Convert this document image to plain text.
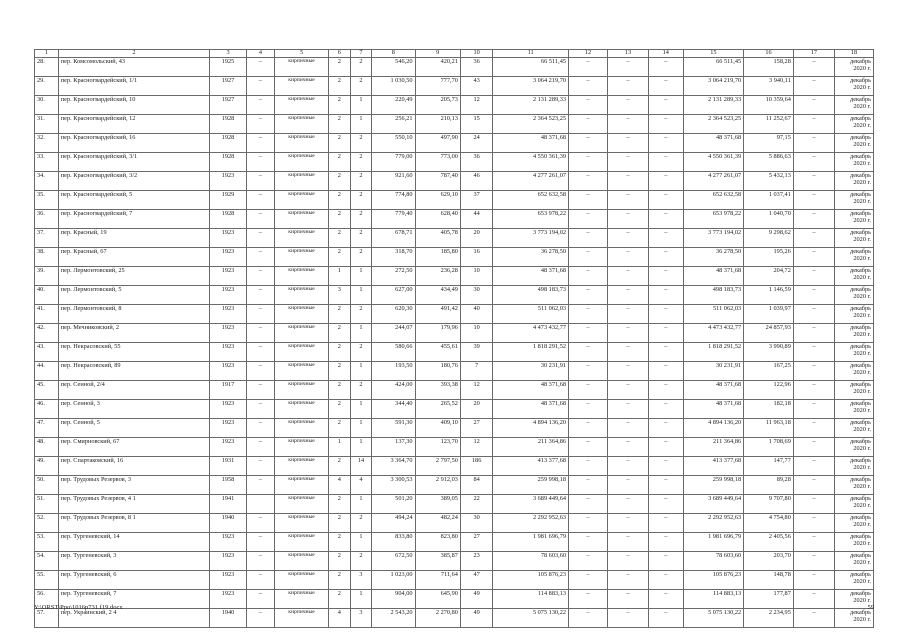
1	2	3	4	5	6	7	8	9	10	11	12	13	14	15	16	17	18
28.	пер. Комсомольский, 43	1925	–	кирпичные	2	2	546,20	420,21	36	66 511,45	–	–	–	66 511,45	158,28	–	декабрь 2020 г.
29.	пер. Красногвардейский, 1/1	1927	–	кирпичные	2	2	1 030,50	777,70	43	3 064 219,70	–	–	–	3 064 219,70	3 940,11	–	декабрь 2020 г.
30.	пер. Красногвардейский, 10	1927	–	кирпичные	2	1	220,49	205,73	12	2 131 289,33	–	–	–	2 131 289,33	10 359,64	–	декабрь 2020 г.
31.	пер. Красногвардейский, 12	1928	–	кирпичные	2	1	256,21	210,13	15	2 364 523,25	–	–	–	2 364 523,25	11 252,67	–	декабрь 2020 г.
32.	пер. Красногвардейский, 16	1928	–	кирпичные	2	2	550,10	497,90	24	48 371,68	–	–	–	48 371,68	97,15	–	декабрь 2020 г.
33.	пер. Красногвардейский, 3/1	1928	–	кирпичные	2	2	779,00	773,00	36	4 550 361,39	–	–	–	4 550 361,39	5 886,63	–	декабрь 2020 г.
34.	пер. Красногвардейский, 3/2	1923	–	кирпичные	2	2	921,60	787,40	46	4 277 261,07	–	–	–	4 277 261,07	5 432,13	–	декабрь 2020 г.
35.	пер. Красногвардейский, 5	1929	–	кирпичные	2	2	774,80	629,10	37	652 632,58	–	–	–	652 632,58	1 037,41	–	декабрь 2020 г.
36.	пер. Красногвардейский, 7	1928	–	кирпичные	2	2	779,40	628,40	44	653 978,22	–	–	–	653 978,22	1 040,70	–	декабрь 2020 г.
37.	пер. Красный, 19	1923	–	кирпичные	2	2	678,71	405,78	20	3 773 194,02	–	–	–	3 773 194,02	9 298,62	–	декабрь 2020 г.
38.	пер. Красный, 67	1923	–	кирпичные	2	2	318,70	185,80	16	36 278,50	–	–	–	36 278,50	195,26	–	декабрь 2020 г.
39.	пер. Лермонтовский, 25	1923	–	кирпичные	1	1	272,50	236,28	10	48 371,68	–	–	–	48 371,68	204,72	–	декабрь 2020 г.
40.	пер. Лермонтовский, 5	1923	–	кирпичные	3	1	627,00	434,49	30	498 183,73	–	–	–	498 183,73	1 146,59	–	декабрь 2020 г.
41.	пер. Лермонтовский, 8	1923	–	кирпичные	2	2	620,30	491,42	40	511 062,03	–	–	–	511 062,03	1 039,97	–	декабрь 2020 г.
42.	пер. Мечниковский, 2	1923	–	кирпичные	2	1	244,07	179,96	10	4 473 432,77	–	–	–	4 473 432,77	24 857,93	–	декабрь 2020 г.
43.	пер. Некрасовский, 55	1923	–	кирпичные	2	2	580,66	455,61	39	1 818 291,52	–	–	–	1 818 291,52	3 990,89	–	декабрь 2020 г.
44.	пер. Некрасовский, 89	1923	–	кирпичные	2	1	193,50	180,76	7	30 231,91	–	–	–	30 231,91	167,25	–	декабрь 2020 г.
45.	пер. Сенной, 2/4	1917	–	кирпичные	2	2	424,00	393,38	12	48 371,68	–	–	–	48 371,68	122,96	–	декабрь 2020 г.
46.	пер. Сенной, 3	1923	–	кирпичные	2	1	344,40	265,52	20	48 371,68	–	–	–	48 371,68	182,18	–	декабрь 2020 г.
47.	пер. Сенной, 5	1923	–	кирпичные	2	1	591,30	409,10	27	4 894 136,20	–	–	–	4 894 136,20	11 963,18	–	декабрь 2020 г.
48.	пер. Смирновский, 67	1923	–	кирпичные	1	1	137,30	123,70	12	211 364,86	–	–	–	211 364,86	1 708,69	–	декабрь 2020 г.
49.	пер. Спартаковский, 16	1931	–	кирпичные	2	14	3 364,70	2 797,50	186	413 377,68	–	–	–	413 377,68	147,77	–	декабрь 2020 г.
50.	пер. Трудовых Резервов, 3	1958	–	кирпичные	4	4	3 300,53	2 912,03	84	259 998,18	–	–	–	259 998,18	89,28	–	декабрь 2020 г.
51.	пер. Трудовых Резервов, 4 1	1941		кирпичные	2	1	501,20	389,05	22	3 689 449,64	–	–	–	3 689 449,64	9 707,80	–	декабрь 2020 г.
52.	пер. Трудовых Резервов, 8 1	1940	–	кирпичные	2	2	494,24	482,24	30	2 292 952,63	–	–	–	2 292 952,63	4 754,80	–	декабрь 2020 г.
53.	пер. Тургеневский, 14	1923	–	кирпичные	2	1	833,80	823,80	27	1 981 696,79	–	–	–	1 981 696,79	2 405,56	–	декабрь 2020 г.
54.	пер. Тургеневский, 3	1923	–	кирпичные	2	2	672,50	385,87	23	78 603,60	–	–	–	78 603,60	203,70	–	декабрь 2020 г.
55.	пер. Тургеневский, 6	1923	–	кирпичные	2	3	1 023,00	711,64	47	105 876,23	–	–	–	105 876,23	148,78	–	декабрь 2020 г.
56.	пер. Тургеневский, 7	1923	–	кирпичные	2	1	904,00	645,90	49	114 883,13	–	–	–	114 883,13	177,87	–	декабрь 2020 г.
57.	пер. Украинский, 2 4	1940	–	кирпичные	4	3	2 543,20	2 270,80	49	5 075 130,22	–	–	–	5 075 130,22	2 234,95	–	декабрь 2020 г.
Y:\ORST\Ppo\1016p731.f19.docx	59
